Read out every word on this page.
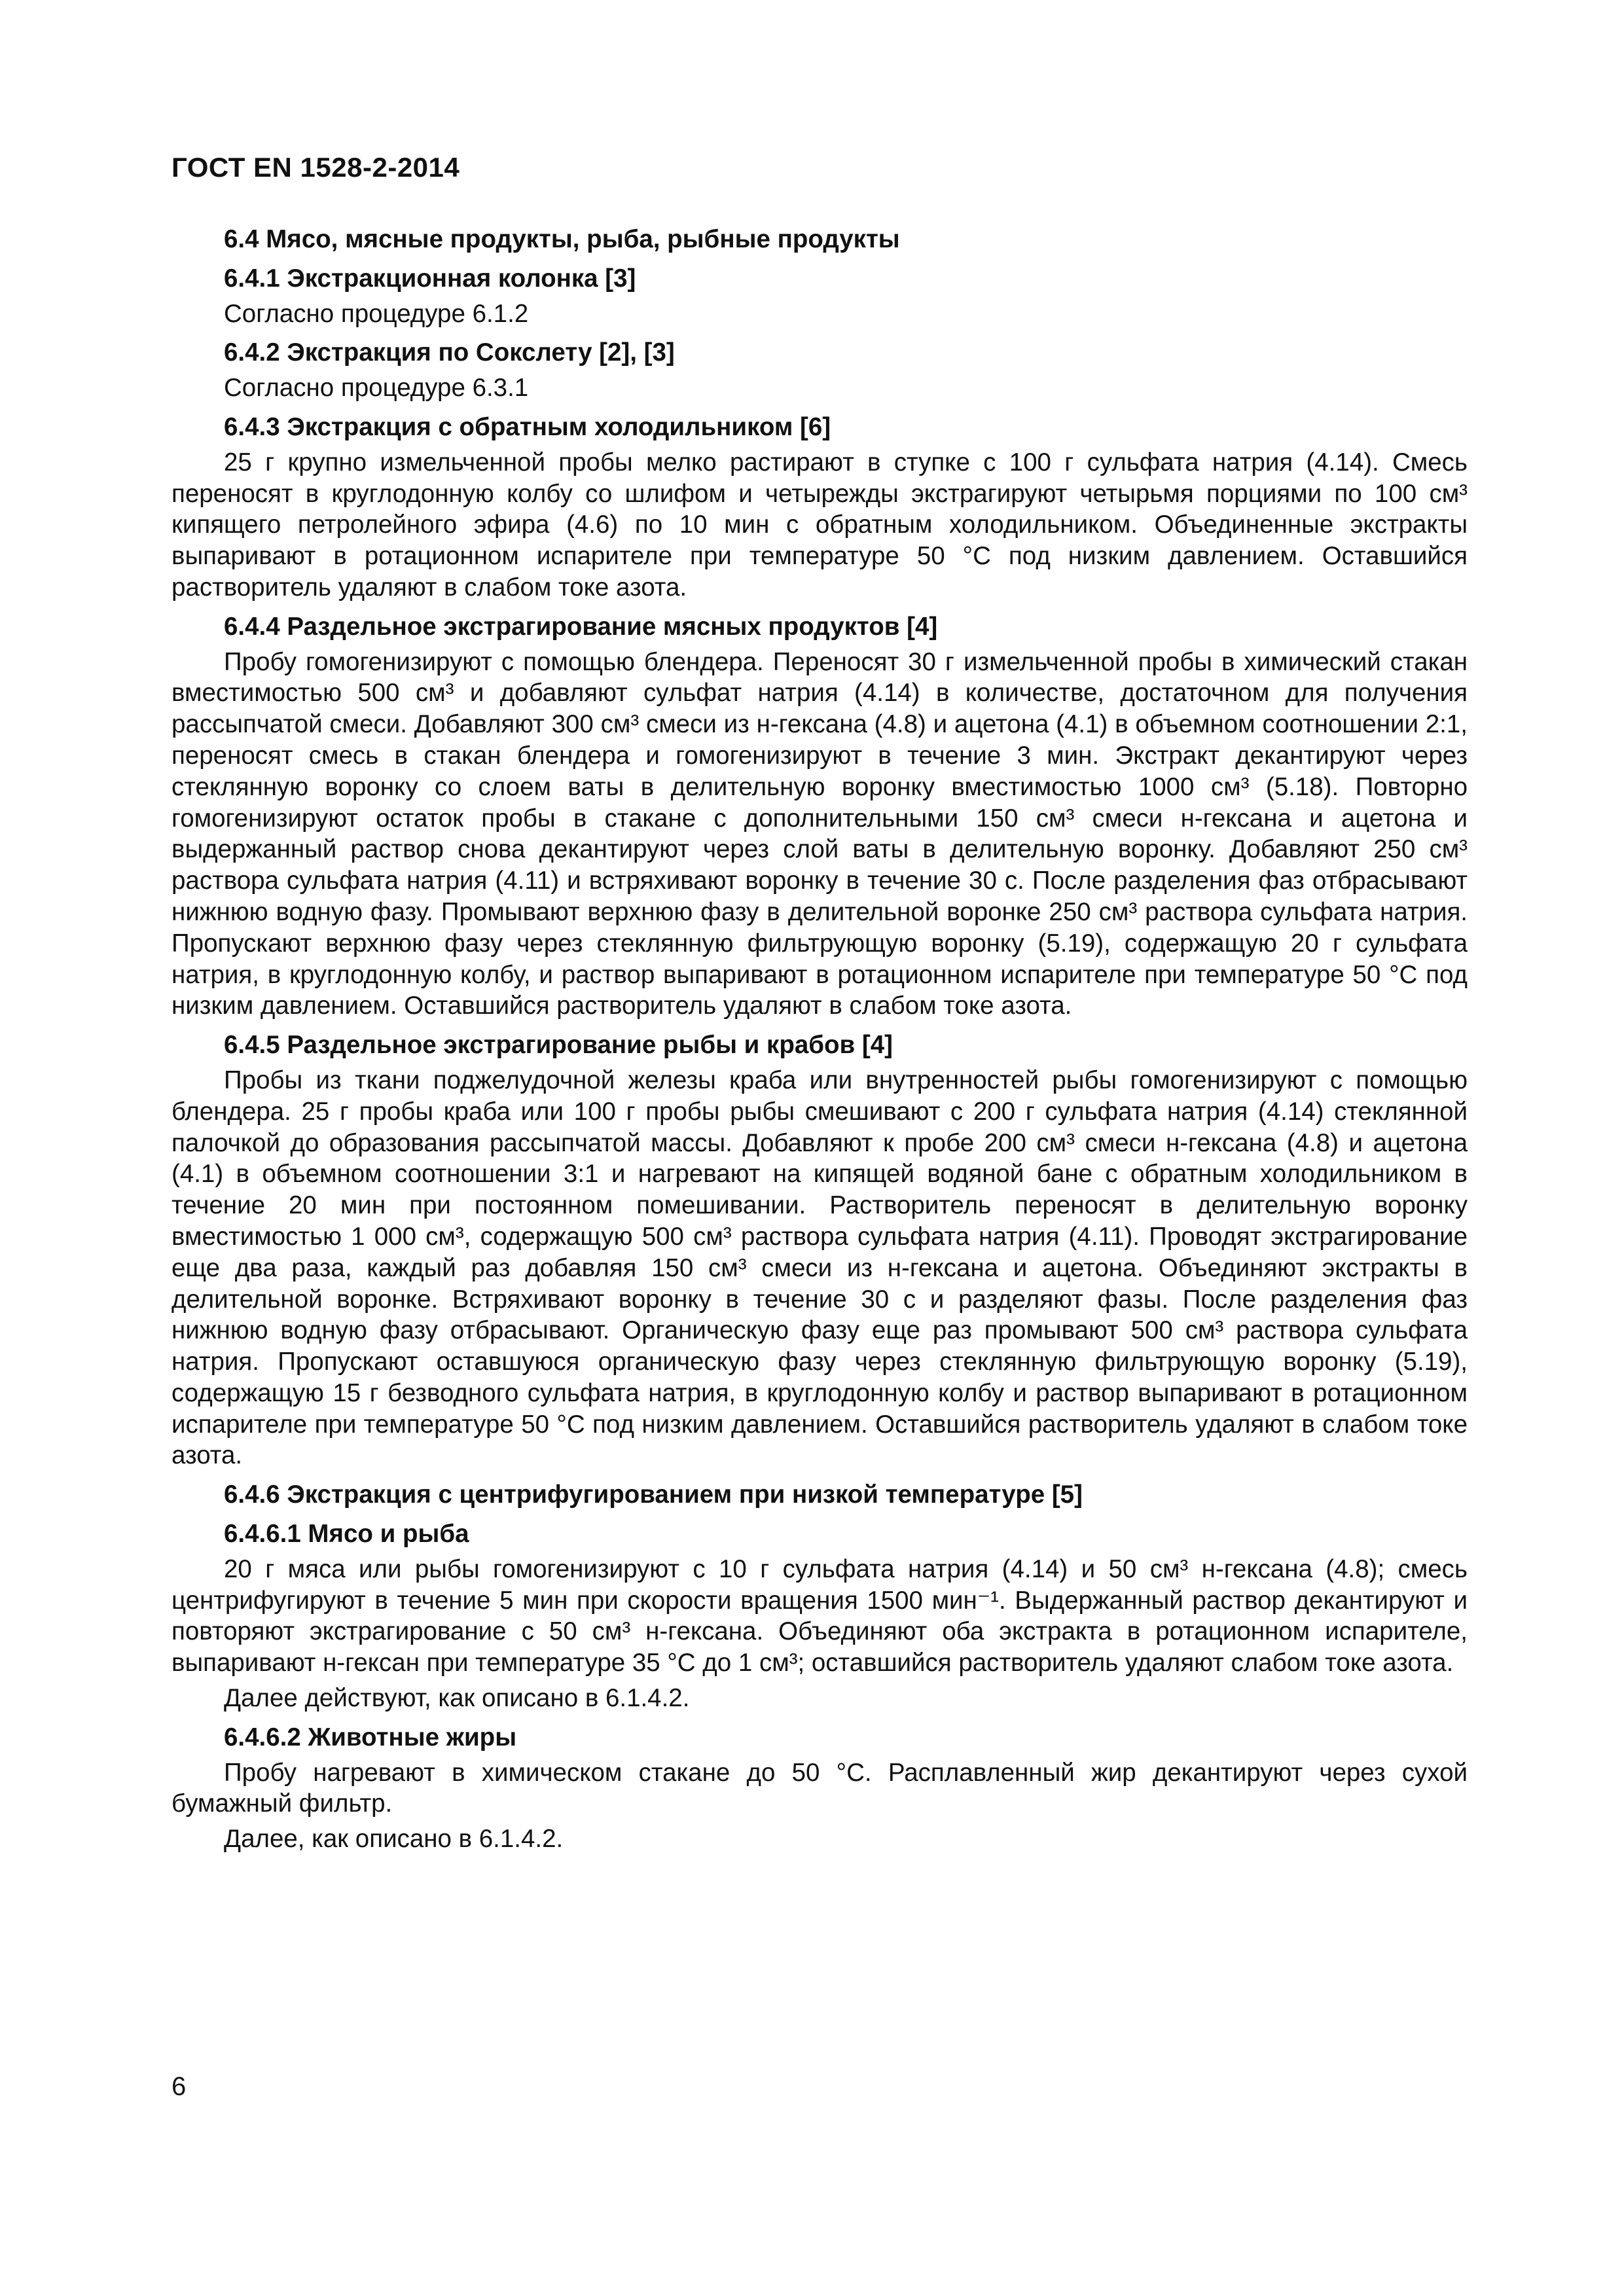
ГОСТ EN 1528-2-2014
6.4 Мясо, мясные продукты, рыба, рыбные продукты
6.4.1 Экстракционная колонка [3]

Согласно процедуре 6.1.2

6.4.2 Экстракция по Сокслету [2], [3]

Согласно процедуре 6.3.1

6.4.3 Экстракция с обратным холодильником [6]

25 г крупно измельченной пробы мелко растирают в ступке с 100 г сульфата натрия (4.14). Смесь переносят в круглодонную колбу со шлифом и четырежды экстрагируют четырьмя порциями по 100 см³ кипящего петролейного эфира (4.6) по 10 мин с обратным холодильником. Объединенные экстракты выпаривают в ротационном испарителе при температуре 50 °С под низким давлением. Оставшийся растворитель удаляют в слабом токе азота.

6.4.4 Раздельное экстрагирование мясных продуктов [4]

Пробу гомогенизируют с помощью блендера. Переносят 30 г измельченной пробы в химический стакан вместимостью 500 см³ и добавляют сульфат натрия (4.14) в количестве, достаточном для получения рассыпчатой смеси. Добавляют 300 см³ смеси из н-гексана (4.8) и ацетона (4.1) в объемном соотношении 2:1, переносят смесь в стакан блендера и гомогенизируют в течение 3 мин. Экстракт декантируют через стеклянную воронку со слоем ваты в делительную воронку вместимостью 1000 см³ (5.18). Повторно гомогенизируют остаток пробы в стакане с дополнительными 150 см³ смеси н-гексана и ацетона и выдержанный раствор снова декантируют через слой ваты в делительную воронку. Добавляют 250 см³ раствора сульфата натрия (4.11) и встряхивают воронку в течение 30 с. После разделения фаз отбрасывают нижнюю водную фазу. Промывают верхнюю фазу в делительной воронке 250 см³ раствора сульфата натрия. Пропускают верхнюю фазу через стеклянную фильтрующую воронку (5.19), содержащую 20 г сульфата натрия, в круглодонную колбу, и раствор выпаривают в ротационном испарителе при температуре 50 °С под низким давлением. Оставшийся растворитель удаляют в слабом токе азота.

6.4.5 Раздельное экстрагирование рыбы и крабов [4]

Пробы из ткани поджелудочной железы краба или внутренностей рыбы гомогенизируют с помощью блендера. 25 г пробы краба или 100 г пробы рыбы смешивают с 200 г сульфата натрия (4.14) стеклянной палочкой до образования рассыпчатой массы. Добавляют к пробе 200 см³ смеси н-гексана (4.8) и ацетона (4.1) в объемном соотношении 3:1 и нагревают на кипящей водяной бане с обратным холодильником в течение 20 мин при постоянном помешивании. Растворитель переносят в делительную воронку вместимостью 1 000 см³, содержащую 500 см³ раствора сульфата натрия (4.11). Проводят экстрагирование еще два раза, каждый раз добавляя 150 см³ смеси из н-гексана и ацетона. Объединяют экстракты в делительной воронке. Встряхивают воронку в течение 30 с и разделяют фазы. После разделения фаз нижнюю водную фазу отбрасывают. Органическую фазу еще раз промывают 500 см³ раствора сульфата натрия. Пропускают оставшуюся органическую фазу через стеклянную фильтрующую воронку (5.19), содержащую 15 г безводного сульфата натрия, в круглодонную колбу и раствор выпаривают в ротационном испарителе при температуре 50 °С под низким давлением. Оставшийся растворитель удаляют в слабом токе азота.

6.4.6 Экстракция с центрифугированием при низкой температуре [5]
6.4.6.1 Мясо и рыба

20 г мяса или рыбы гомогенизируют с 10 г сульфата натрия (4.14) и 50 см³ н-гексана (4.8); смесь центрифугируют в течение 5 мин при скорости вращения 1500 мин⁻¹. Выдержанный раствор декантируют и повторяют экстрагирование с 50 см³ н-гексана. Объединяют оба экстракта в ротационном испарителе, выпаривают н-гексан при температуре 35 °С до 1 см³; оставшийся растворитель удаляют слабом токе азота.

Далее действуют, как описано в 6.1.4.2.

6.4.6.2 Животные жиры

Пробу нагревают в химическом стакане до 50 °С. Расплавленный жир декантируют через сухой бумажный фильтр.

Далее, как описано в 6.1.4.2.

6
